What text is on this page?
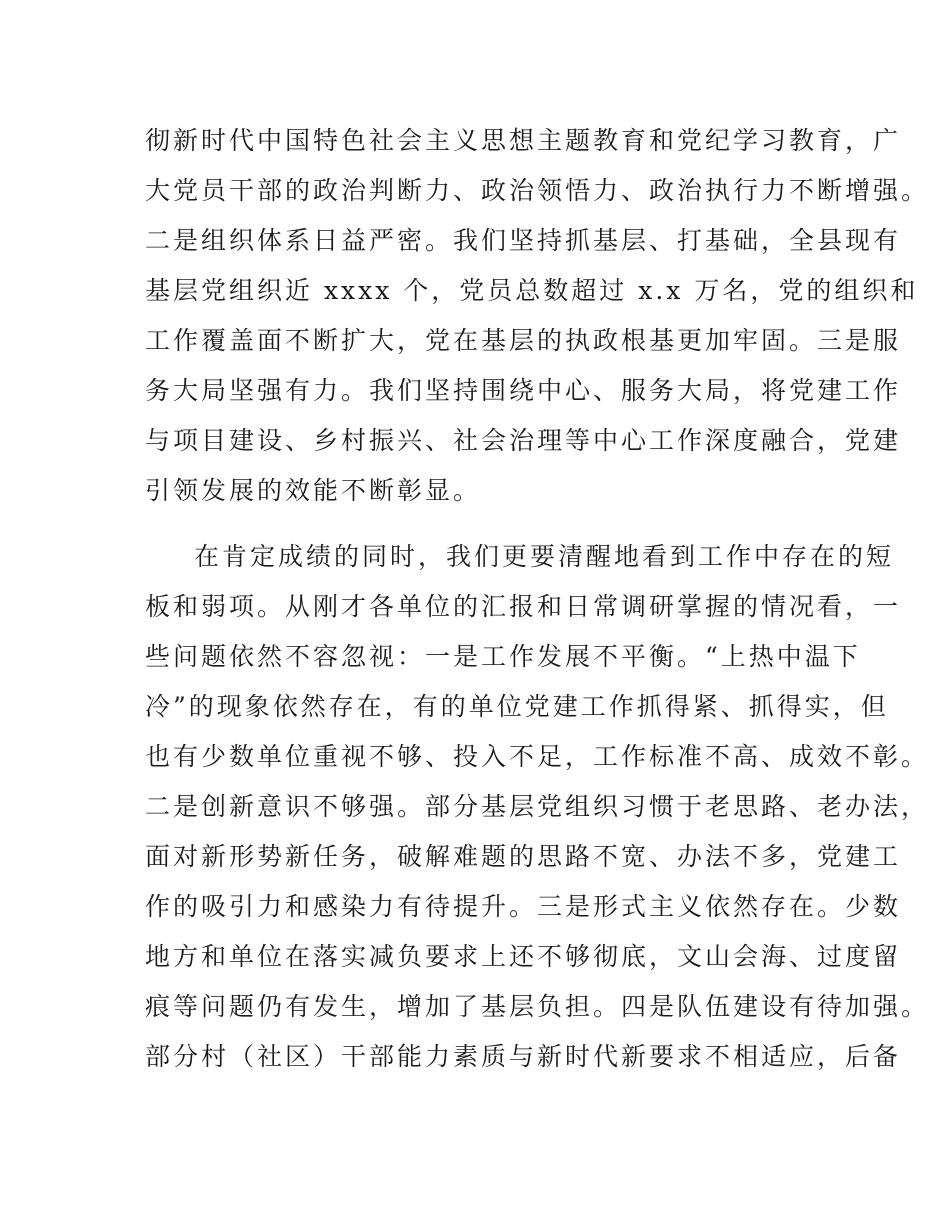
彻新时代中国特色社会主义思想主题教育和党纪学习教育，广
大党员干部的政治判断力、政治领悟力、政治执行力不断增强。
二是组织体系日益严密。我们坚持抓基层、打基础，全县现有
基层党组织近 xxxx 个，党员总数超过 x.x 万名，党的组织和
工作覆盖面不断扩大，党在基层的执政根基更加牢固。三是服
务大局坚强有力。我们坚持围绕中心、服务大局，将党建工作
与项目建设、乡村振兴、社会治理等中心工作深度融合，党建
引领发展的效能不断彰显。
在肯定成绩的同时，我们更要清醒地看到工作中存在的短
板和弱项。从刚才各单位的汇报和日常调研掌握的情况看，一
些问题依然不容忽视：一是工作发展不平衡。“上热中温下
冷”的现象依然存在，有的单位党建工作抓得紧、抓得实，但
也有少数单位重视不够、投入不足，工作标准不高、成效不彰。
二是创新意识不够强。部分基层党组织习惯于老思路、老办法，
面对新形势新任务，破解难题的思路不宽、办法不多，党建工
作的吸引力和感染力有待提升。三是形式主义依然存在。少数
地方和单位在落实减负要求上还不够彻底，文山会海、过度留
痕等问题仍有发生，增加了基层负担。四是队伍建设有待加强。
部分村（社区）干部能力素质与新时代新要求不相适应，后备
